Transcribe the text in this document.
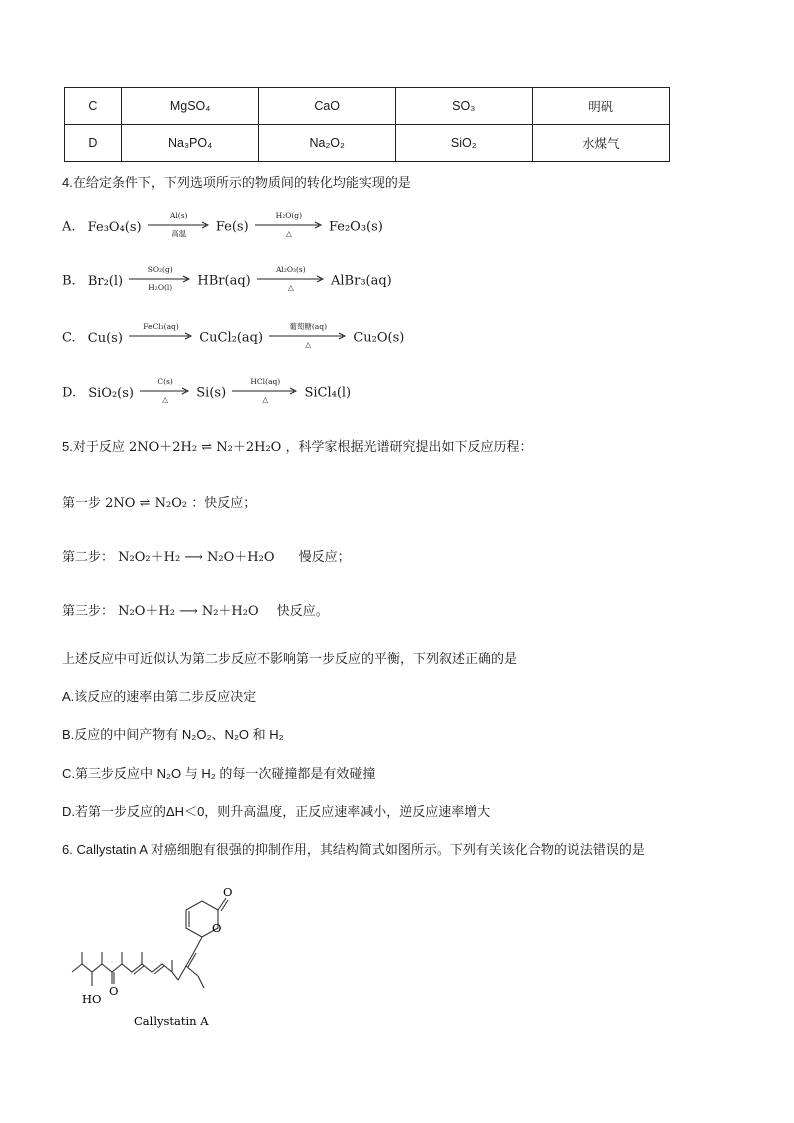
C	MgSO₄	CaO	SO₃	明矾
D	Na₃PO₄	Na₂O₂	SiO₂	水煤气
4.在给定条件下，下列选项所示的物质间的转化均能实现的是
A. Fe₃O₄(s)
Al(s)
高温	Fe(s)
H₂O(g)
△	Fe₂O₃(s)
B. Br₂(l)
SO₂(g)
H₂O(l)	HBr(aq)
Al₂O₃(s)
△	AlBr₃(aq)
C. Cu(s)
FeCl₃(aq)
CuCl₂(aq)
葡萄糖(aq)
△	Cu₂O(s)
D. SiO₂(s)
C(s)
△	Si(s)
HCl(aq)
△	SiCl₄(l)
5.对于反应 2NO＋2H₂ ⇌ N₂＋2H₂O ，科学家根据光谱研究提出如下反应历程：
第一步 2NO ⇌ N₂O₂ ：快反应；
第二步： N₂O₂＋H₂ ⟶ N₂O＋H₂O 慢反应；
第三步： N₂O＋H₂ ⟶ N₂＋H₂O 快反应。
上述反应中可近似认为第二步反应不影响第一步反应的平衡，下列叙述正确的是
A.该反应的速率由第二步反应决定
B.反应的中间产物有 N₂O₂、N₂O 和 H₂
C.第三步反应中 N₂O 与 H₂ 的每一次碰撞都是有效碰撞
D.若第一步反应的ΔH＜0，则升高温度，正反应速率减小，逆反应速率增大
6. Callystatin A 对癌细胞有很强的抑制作用，其结构简式如图所示。下列有关该化合物的说法错误的是
HO
O
O
O
Callystatin A
